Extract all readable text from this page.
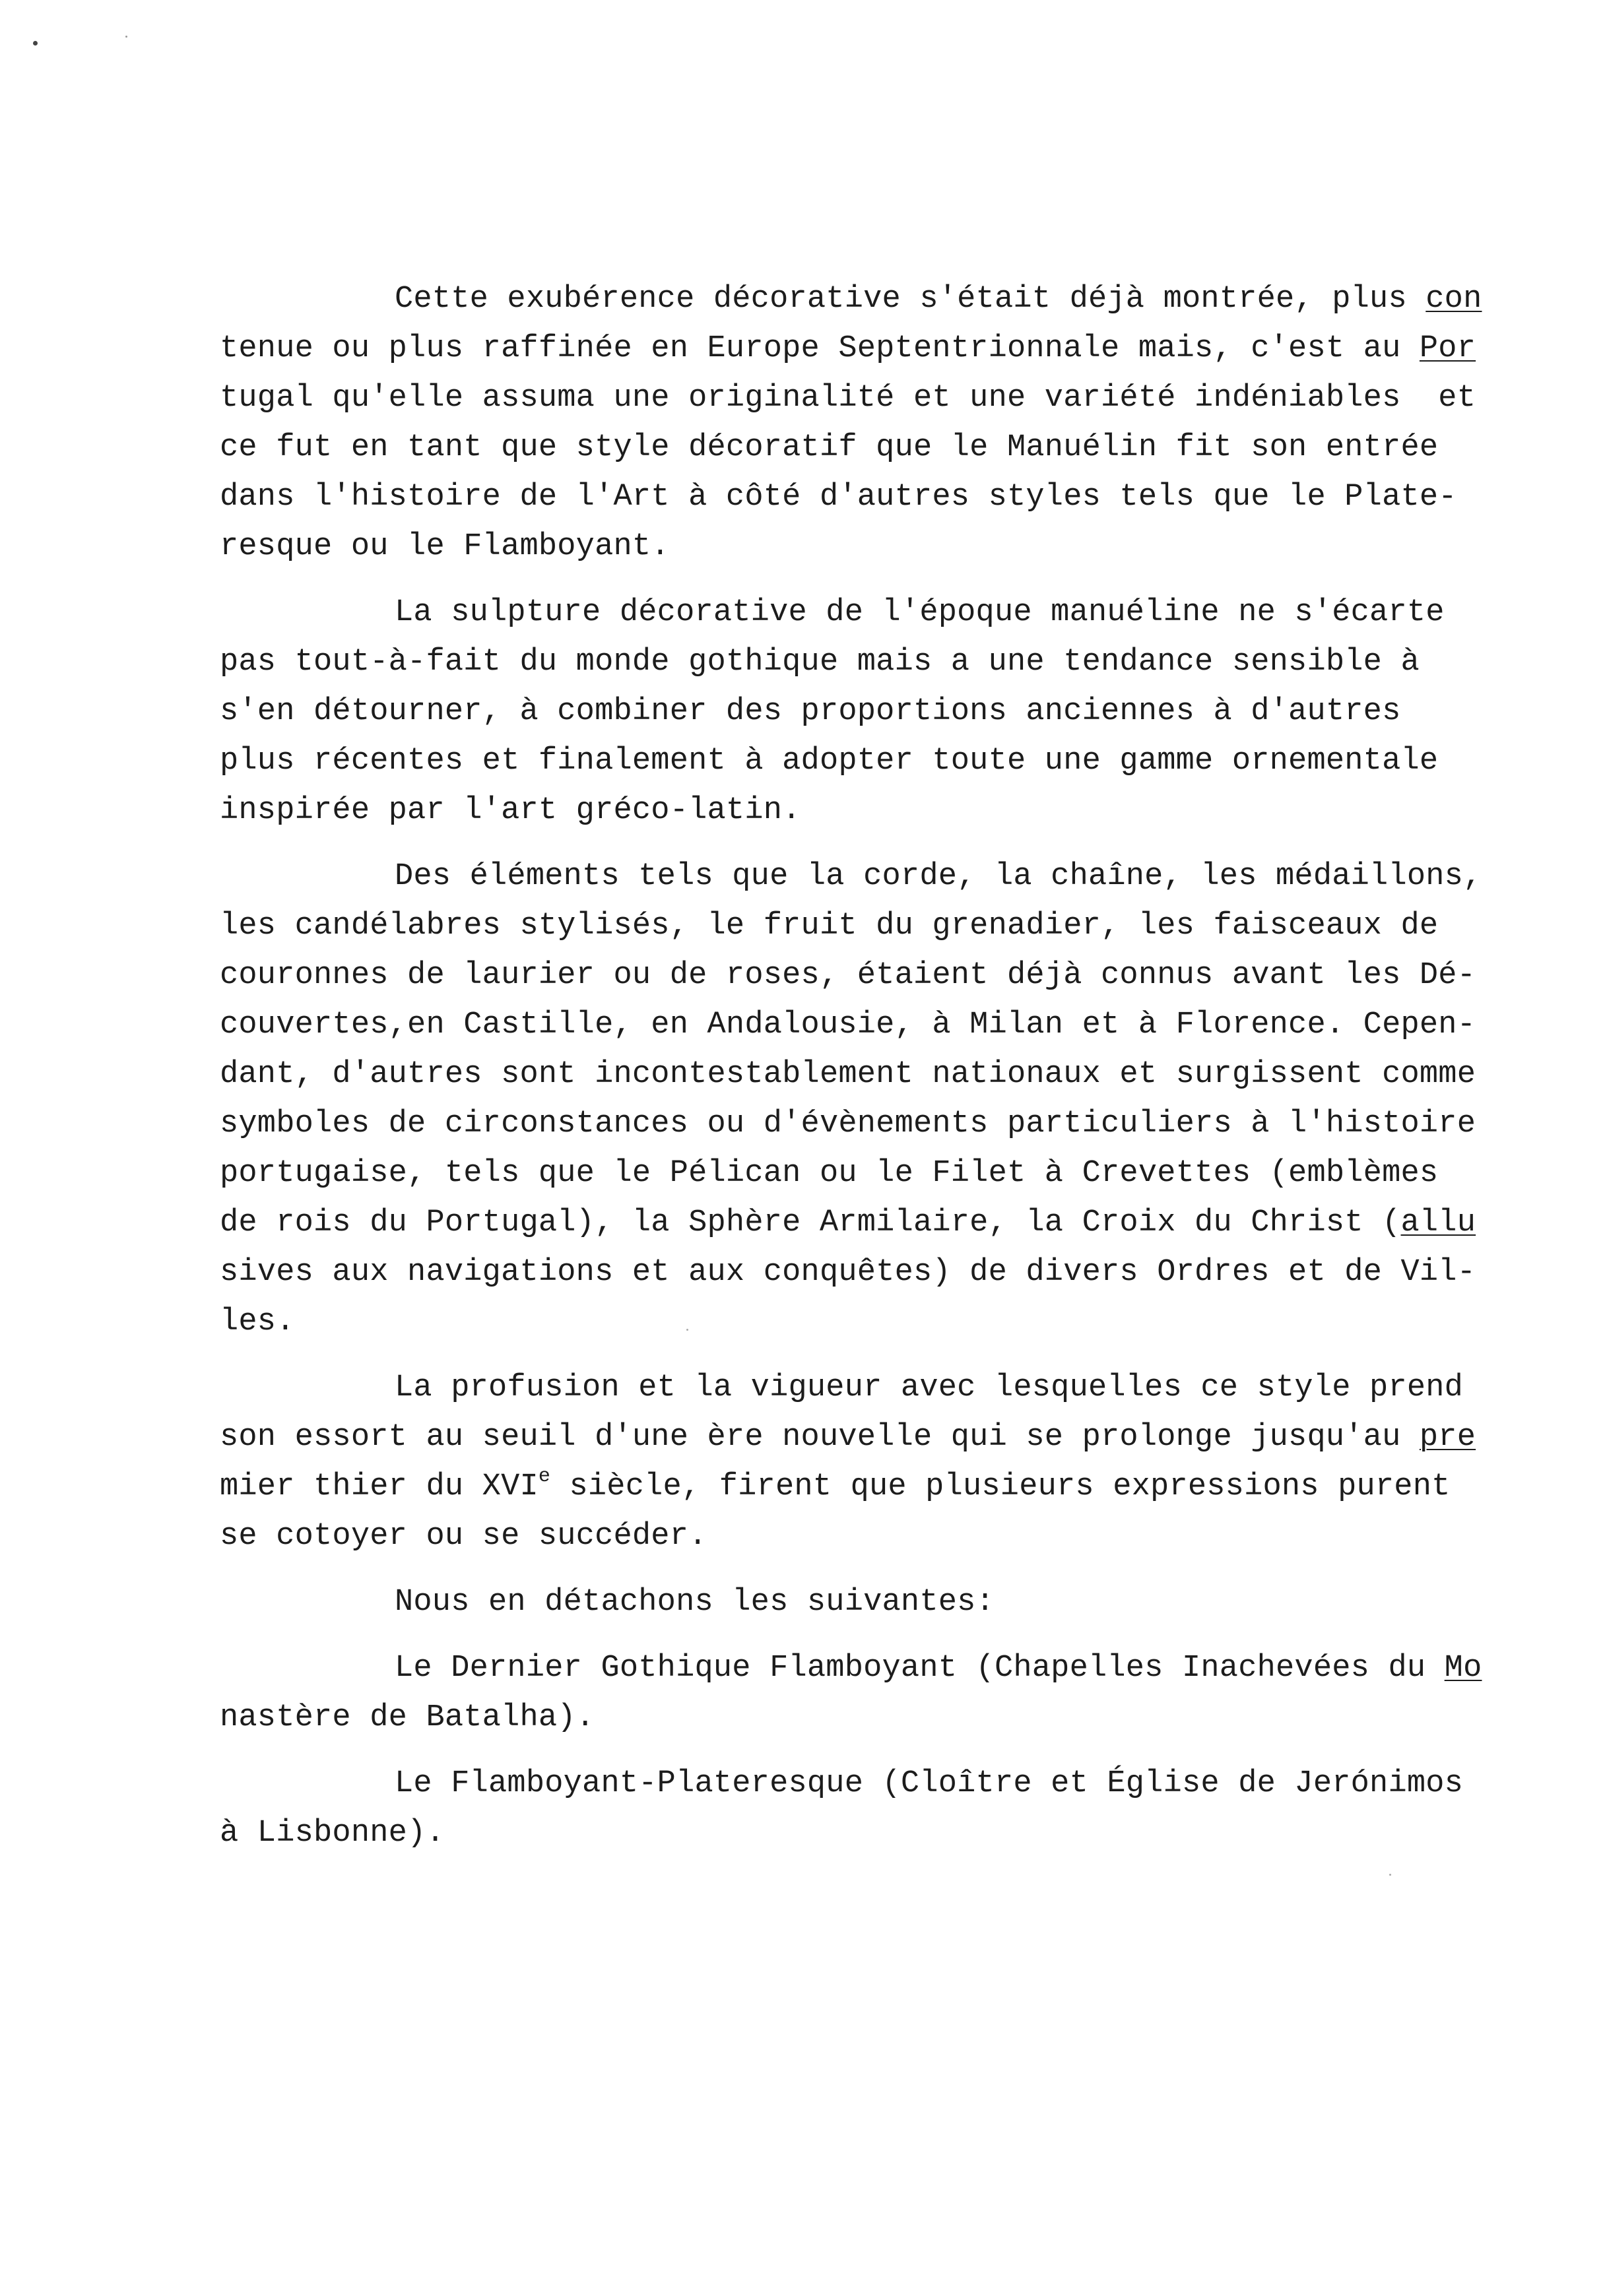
Cette exubérence décorative s'était déjà montrée, plus con

tenue ou plus raffinée en Europe Septentrionnale mais, c'est au Por

tugal qu'elle assuma une originalité et une variété indéniables  et

ce fut en tant que style décoratif que le Manuélin fit son entrée

dans l'histoire de l'Art à côté d'autres styles tels que le Plate-

resque ou le Flamboyant.

La sulpture décorative de l'époque manuéline ne s'écarte

pas tout-à-fait du monde gothique mais a une tendance sensible à

s'en détourner, à combiner des proportions anciennes à d'autres

plus récentes et finalement à adopter toute une gamme ornementale

inspirée par l'art gréco-latin.

Des éléments tels que la corde, la chaîne, les médaillons,

les candélabres stylisés, le fruit du grenadier, les faisceaux de

couronnes de laurier ou de roses, étaient déjà connus avant les Dé-

couvertes,en Castille, en Andalousie, à Milan et à Florence. Cepen-

dant, d'autres sont incontestablement nationaux et surgissent comme

symboles de circonstances ou d'évènements particuliers à l'histoire

portugaise, tels que le Pélican ou le Filet à Crevettes (emblèmes

de rois du Portugal), la Sphère Armilaire, la Croix du Christ (allu

sives aux navigations et aux conquêtes) de divers Ordres et de Vil-

les.

La profusion et la vigueur avec lesquelles ce style prend

son essort au seuil d'une ère nouvelle qui se prolonge jusqu'au pre

mier thier du XVIe siècle, firent que plusieurs expressions purent

se cotoyer ou se succéder.

Nous en détachons les suivantes:

Le Dernier Gothique Flamboyant (Chapelles Inachevées du Mo

nastère de Batalha).

Le Flamboyant-Plateresque (Cloître et Église de Jerónimos

à Lisbonne).
